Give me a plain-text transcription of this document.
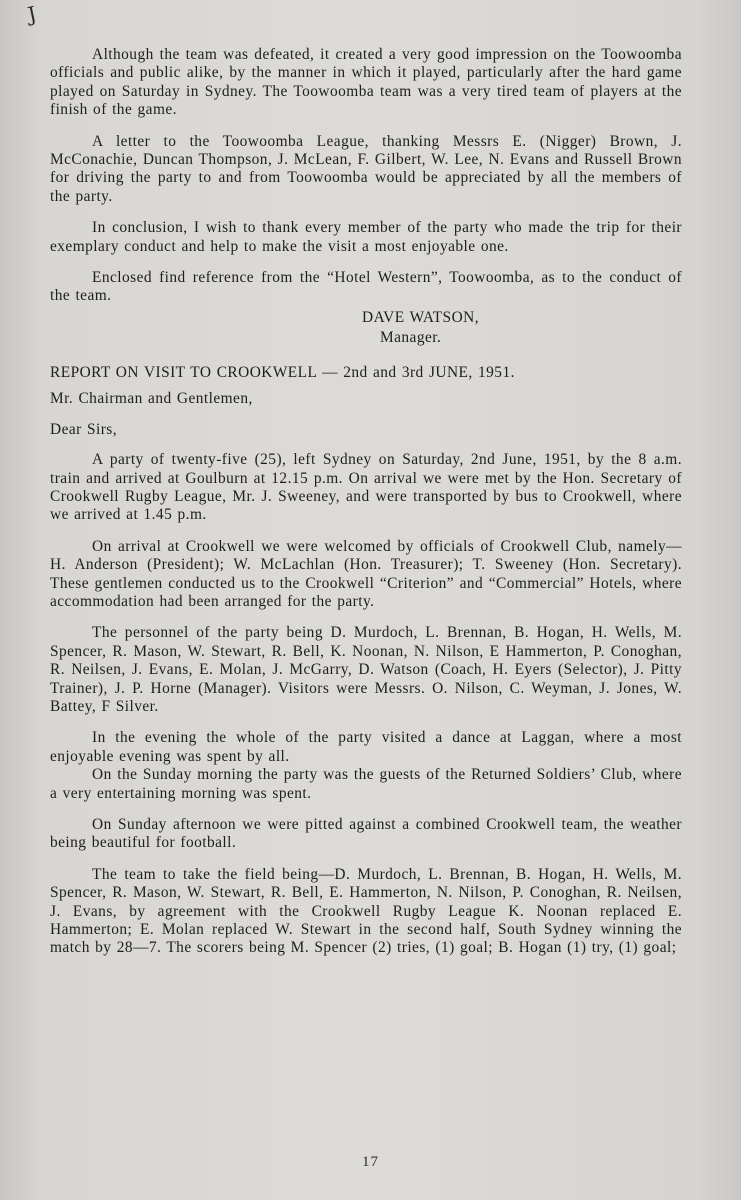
J

Although the team was defeated, it created a very good impression on the Toowoomba officials and public alike, by the manner in which it played, particularly after the hard game played on Saturday in Sydney. The Toowoomba team was a very tired team of players at the finish of the game.

A letter to the Toowoomba League, thanking Messrs E. (Nigger) Brown, J. McConachie, Duncan Thompson, J. McLean, F. Gilbert, W. Lee, N. Evans and Russell Brown for driving the party to and from Toowoomba would be appreciated by all the members of the party.

In conclusion, I wish to thank every member of the party who made the trip for their exemplary conduct and help to make the visit a most enjoyable one.

Enclosed find reference from the “Hotel Western”, Toowoomba, as to the conduct of the team.

DAVE WATSON,
Manager.

REPORT ON VISIT TO CROOKWELL — 2nd and 3rd JUNE, 1951.

Mr. Chairman and Gentlemen,

Dear Sirs,

A party of twenty-five (25), left Sydney on Saturday, 2nd June, 1951, by the 8 a.m. train and arrived at Goulburn at 12.15 p.m. On arrival we were met by the Hon. Secretary of Crookwell Rugby League, Mr. J. Sweeney, and were transported by bus to Crookwell, where we arrived at 1.45 p.m.

On arrival at Crookwell we were welcomed by officials of Crookwell Club, namely—H. Anderson (President); W. McLachlan (Hon. Treasurer); T. Sweeney (Hon. Secretary). These gentlemen conducted us to the Crookwell “Criterion” and “Commercial” Hotels, where accommodation had been arranged for the party.

The personnel of the party being D. Murdoch, L. Brennan, B. Hogan, H. Wells, M. Spencer, R. Mason, W. Stewart, R. Bell, K. Noonan, N. Nilson, E Hammerton, P. Conoghan, R. Neilsen, J. Evans, E. Molan, J. McGarry, D. Watson (Coach, H. Eyers (Selector), J. Pitty Trainer), J. P. Horne (Manager). Visitors were Messrs. O. Nilson, C. Weyman, J. Jones, W. Battey, F Silver.

In the evening the whole of the party visited a dance at Laggan, where a most enjoyable evening was spent by all.

On the Sunday morning the party was the guests of the Returned Soldiers’ Club, where a very entertaining morning was spent.

On Sunday afternoon we were pitted against a combined Crookwell team, the weather being beautiful for football.

The team to take the field being—D. Murdoch, L. Brennan, B. Hogan, H. Wells, M. Spencer, R. Mason, W. Stewart, R. Bell, E. Hammerton, N. Nilson, P. Conoghan, R. Neilsen, J. Evans, by agreement with the Crookwell Rugby League K. Noonan replaced E. Hammerton; E. Molan replaced W. Stewart in the second half, South Sydney winning the match by 28—7. The scorers being M. Spencer (2) tries, (1) goal; B. Hogan (1) try, (1) goal;

17
